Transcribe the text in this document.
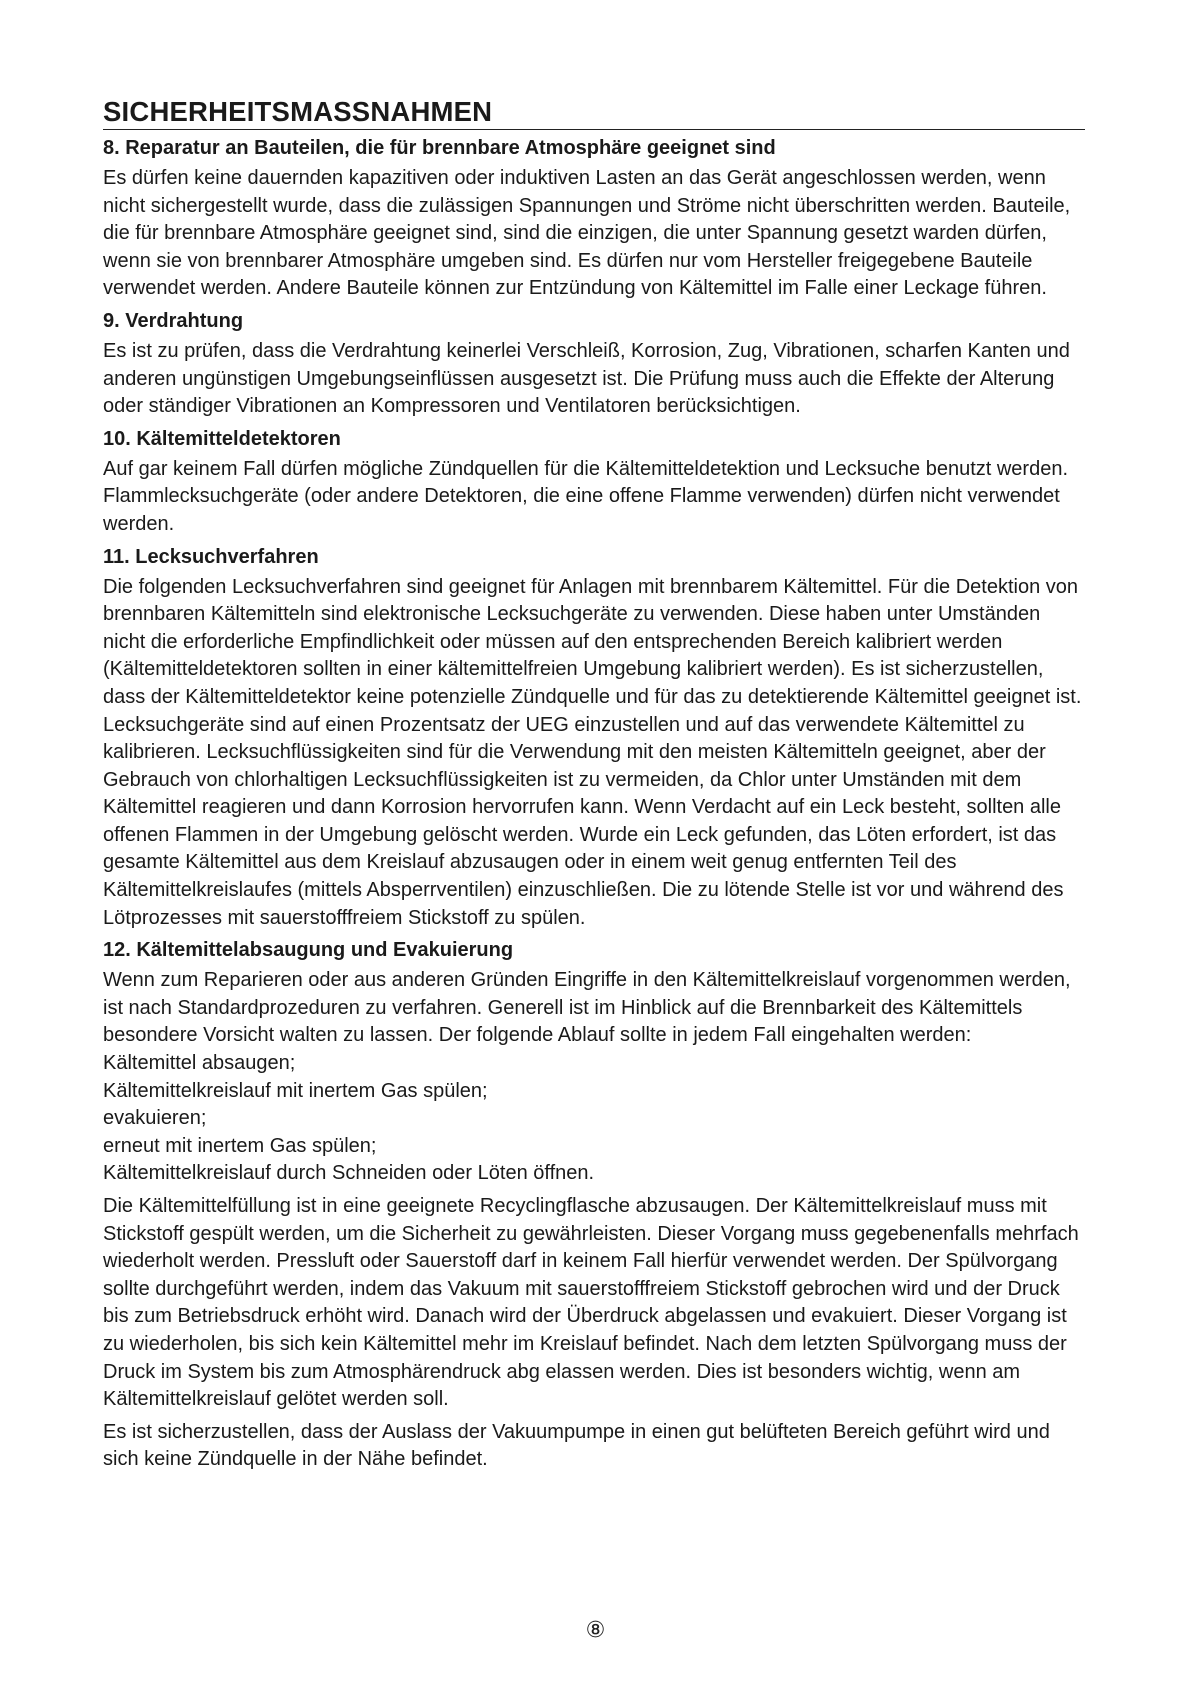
SICHERHEITSMASSNAHMEN
8. Reparatur an Bauteilen, die für brennbare Atmosphäre geeignet sind

Es dürfen keine dauernden kapazitiven oder induktiven Lasten an das Gerät angeschlossen werden, wenn nicht sichergestellt wurde, dass die zulässigen Spannungen und Ströme nicht überschritten werden. Bauteile, die für brennbare Atmosphäre geeignet sind, sind die einzigen, die unter Spannung gesetzt warden dürfen, wenn sie von brennbarer Atmosphäre umgeben sind. Es dürfen nur vom Hersteller freigegebene Bauteile verwendet werden. Andere Bauteile können zur Entzündung von Kältemittel im Falle einer Leckage führen.

9. Verdrahtung

Es ist zu prüfen, dass die Verdrahtung keinerlei Verschleiß, Korrosion, Zug, Vibrationen, scharfen Kanten und anderen ungünstigen Umgebungseinflüssen ausgesetzt ist. Die Prüfung muss auch die Effekte der Alterung oder ständiger Vibrationen an Kompressoren und Ventilatoren berücksichtigen.

10. Kältemitteldetektoren

Auf gar keinem Fall dürfen mögliche Zündquellen für die Kältemitteldetektion und Lecksuche benutzt werden. Flammlecksuchgeräte (oder andere Detektoren, die eine offene Flamme verwenden) dürfen nicht verwendet werden.

11. Lecksuchverfahren

Die folgenden Lecksuchverfahren sind geeignet für Anlagen mit brennbarem Kältemittel. Für die Detektion von brennbaren Kältemitteln sind elektronische Lecksuchgeräte zu verwenden. Diese haben unter Umständen nicht die erforderliche Empfindlichkeit oder müssen auf den entsprechenden Bereich kalibriert werden (Kältemitteldetektoren sollten in einer kältemittelfreien Umgebung kalibriert werden). Es ist sicherzustellen, dass der Kältemitteldetektor keine potenzielle Zündquelle und für das zu detektierende Kältemittel geeignet ist. Lecksuchgeräte sind auf einen Prozentsatz der UEG einzustellen und auf das verwendete Kältemittel zu kalibrieren. Lecksuchflüssigkeiten sind für die Verwendung mit den meisten Kältemitteln geeignet, aber der Gebrauch von chlorhaltigen Lecksuchflüssigkeiten ist zu vermeiden, da Chlor unter Umständen mit dem Kältemittel reagieren und dann Korrosion hervorrufen kann. Wenn Verdacht auf ein Leck besteht, sollten alle offenen Flammen in der Umgebung gelöscht werden. Wurde ein Leck gefunden, das Löten erfordert, ist das gesamte Kältemittel aus dem Kreislauf abzusaugen oder in einem weit genug entfernten Teil des Kältemittelkreislaufes (mittels Absperrventilen) einzuschließen. Die zu lötende Stelle ist vor und während des Lötprozesses mit sauerstofffreiem Stickstoff zu spülen.

12. Kältemittelabsaugung und Evakuierung

Wenn zum Reparieren oder aus anderen Gründen Eingriffe in den Kältemittelkreislauf vorgenommen werden, ist nach Standardprozeduren zu verfahren. Generell ist im Hinblick auf die Brennbarkeit des Kältemittels besondere Vorsicht walten zu lassen. Der folgende Ablauf sollte in jedem Fall eingehalten werden:

Kältemittel absaugen;
Kältemittelkreislauf mit inertem Gas spülen;
evakuieren;
erneut mit inertem Gas spülen;
Kältemittelkreislauf durch Schneiden oder Löten öffnen.

Die Kältemittelfüllung ist in eine geeignete Recyclingflasche abzusaugen. Der Kältemittelkreislauf muss mit Stickstoff gespült werden, um die Sicherheit zu gewährleisten. Dieser Vorgang muss gegebenenfalls mehrfach wiederholt werden. Pressluft oder Sauerstoff darf in keinem Fall hierfür verwendet werden. Der Spülvorgang sollte durchgeführt werden, indem das Vakuum mit sauerstofffreiem Stickstoff gebrochen wird und der Druck bis zum Betriebsdruck erhöht wird. Danach wird der Überdruck abgelassen und evakuiert. Dieser Vorgang ist zu wiederholen, bis sich kein Kältemittel mehr im Kreislauf befindet. Nach dem letzten Spülvorgang muss der Druck im System bis zum Atmosphärendruck abg elassen werden. Dies ist besonders wichtig, wenn am Kältemittelkreislauf gelötet werden soll.

Es ist sicherzustellen, dass der Auslass der Vakuumpumpe in einen gut belüfteten Bereich geführt wird und sich keine Zündquelle in der Nähe befindet.

⑧
